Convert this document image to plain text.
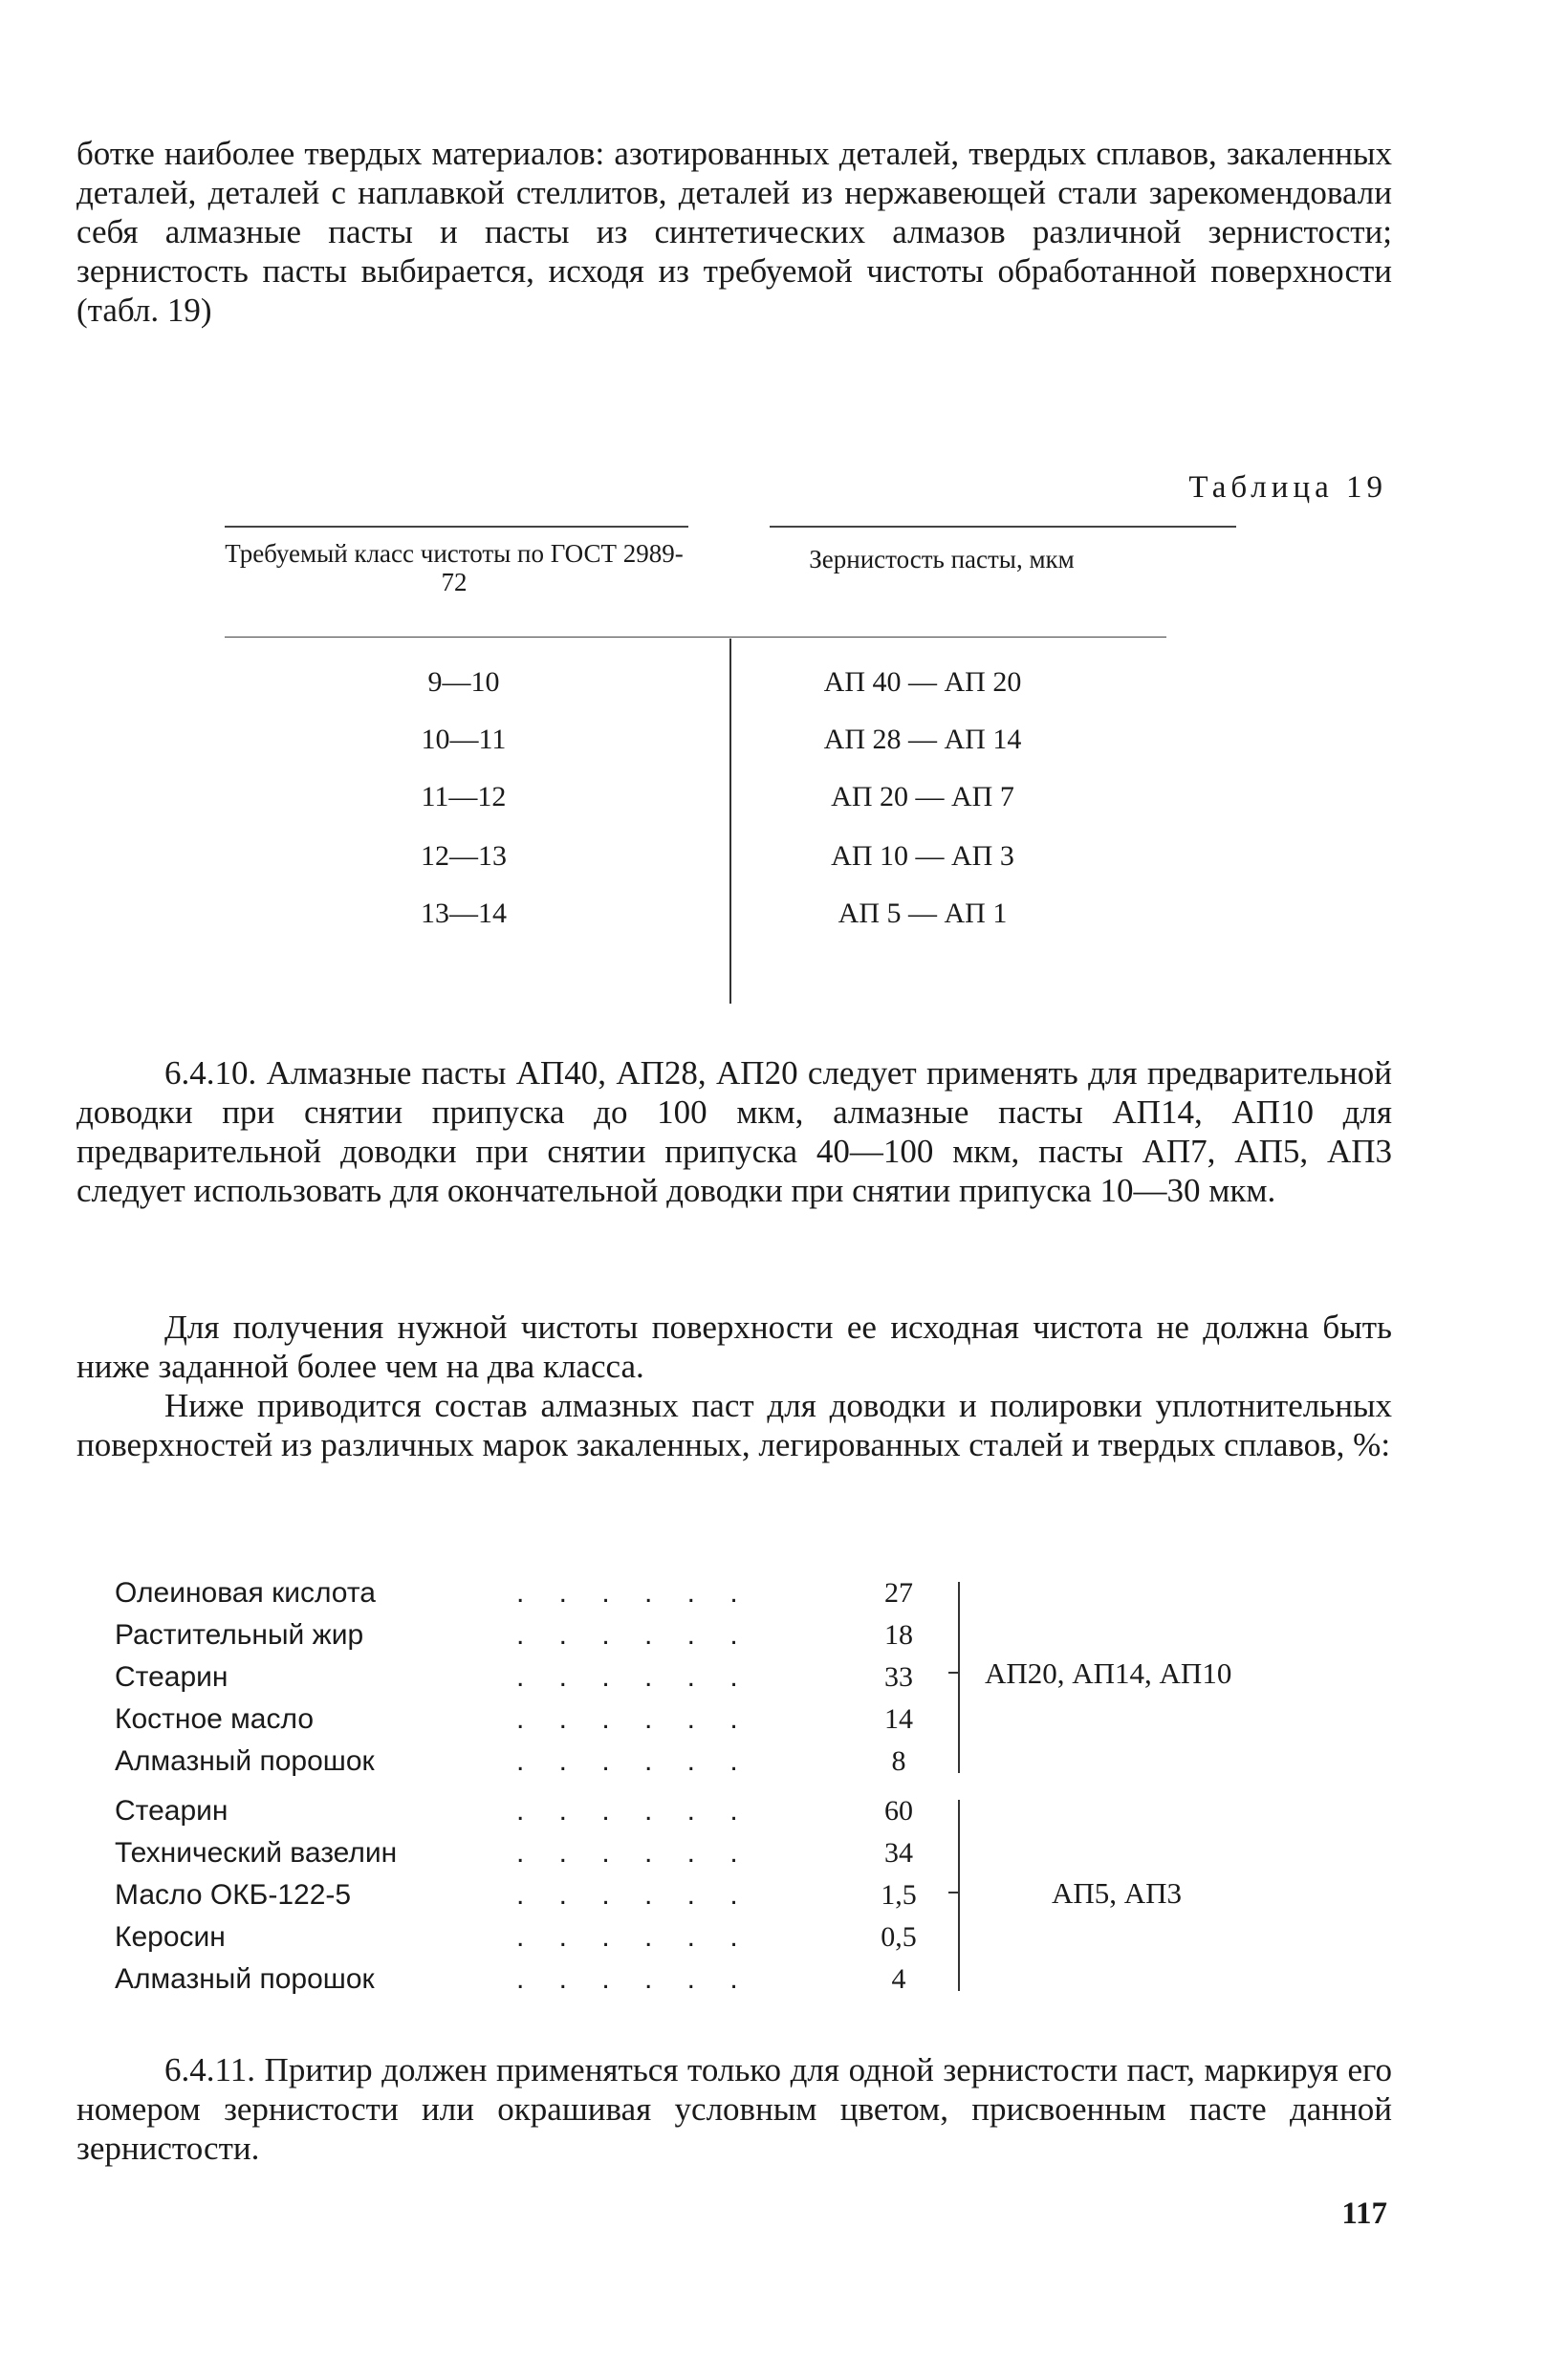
ботке наиболее твердых материалов: азотированных деталей, твердых сплавов, закаленных деталей, деталей с наплавкой стеллитов, деталей из нержавеющей стали зарекомендовали себя алмазные пасты и пасты из синтетических алмазов различной зернистости; зернистость пасты выбирается, исходя из требуемой чистоты обработанной поверхности (табл. 19)

Таблица 19
Требуемый класс чистоты по ГОСТ 2989- 72
Зернистость пасты, мкм
9—10	АП 40 — АП 20
10—11	АП 28 — АП 14
11—12	АП 20 — АП 7
12—13	АП 10 — АП 3
13—14	АП 5 — АП 1

6.4.10. Алмазные пасты АП40, АП28, АП20 следует применять для предварительной доводки при снятии припуска до 100 мкм, алмазные пасты АП14, АП10 для предварительной доводки при снятии припуска 40—100 мкм, пасты АП7, АП5, АП3 следует использовать для окончательной доводки при снятии припуска 10—30 мкм.

Для получения нужной чистоты поверхности ее исходная чистота не должна быть ниже заданной более чем на два класса.

Ниже приводится состав алмазных паст для доводки и полировки уплотнительных поверхностей из различных марок закаленных, легированных сталей и твердых сплавов, %:

Олеиновая кислота	. . . . . .	27
Растительный жир	. . . . . .	18
Стеарин	. . . . . .	33
Костное масло	. . . . . .	14
Алмазный порошок	. . . . . .	8
АП20, АП14, АП10
Стеарин	. . . . . .	60
Технический вазелин	. . . . . .	34
Масло ОКБ-122-5	. . . . . .	1,5
Керосин	. . . . . .	0,5
Алмазный порошок	. . . . . .	4
АП5, АП3

6.4.11. Притир должен применяться только для одной зернистости паст, маркируя его номером зернистости или окрашивая условным цветом, присвоенным пасте данной зернистости.

117
